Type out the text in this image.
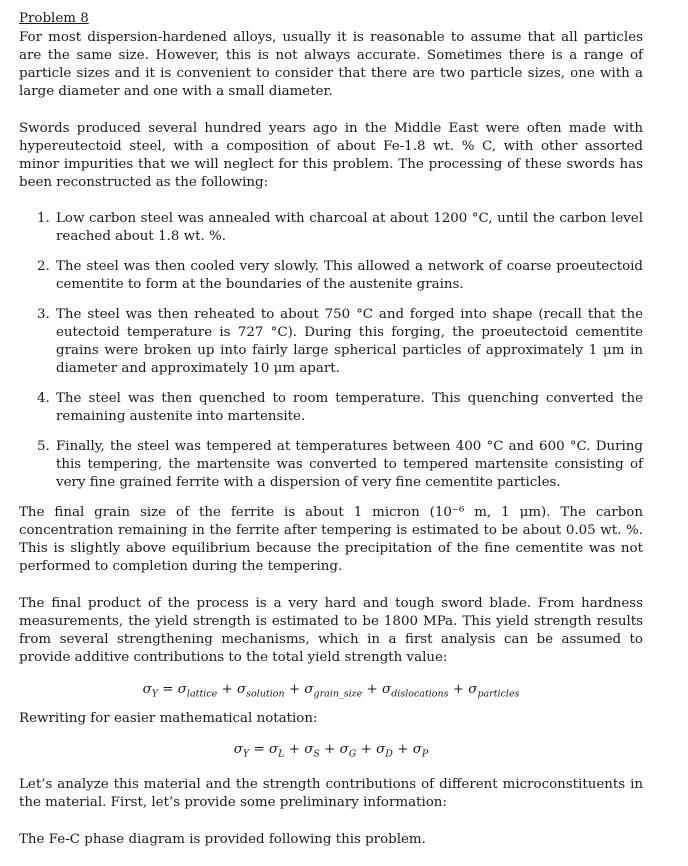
Problem 8

For most dispersion-hardened alloys, usually it is reasonable to assume that all particles are the same size. However, this is not always accurate. Sometimes there is a range of particle sizes and it is convenient to consider that there are two particle sizes, one with a large diameter and one with a small diameter.

Swords produced several hundred years ago in the Middle East were often made with hypereutectoid steel, with a composition of about Fe-1.8 wt. % C, with other assorted minor impurities that we will neglect for this problem. The processing of these swords has been reconstructed as the following:

1. Low carbon steel was annealed with charcoal at about 1200 °C, until the carbon level reached about 1.8 wt. %.
2. The steel was then cooled very slowly. This allowed a network of coarse proeutectoid cementite to form at the boundaries of the austenite grains.
3. The steel was then reheated to about 750 °C and forged into shape (recall that the eutectoid temperature is 727 °C). During this forging, the proeutectoid cementite grains were broken up into fairly large spherical particles of approximately 1 μm in diameter and approximately 10 μm apart.
4. The steel was then quenched to room temperature. This quenching converted the remaining austenite into martensite.
5. Finally, the steel was tempered at temperatures between 400 °C and 600 °C. During this tempering, the martensite was converted to tempered martensite consisting of very fine grained ferrite with a dispersion of very fine cementite particles.

The final grain size of the ferrite is about 1 micron (10⁻⁶ m, 1 μm). The carbon concentration remaining in the ferrite after tempering is estimated to be about 0.05 wt. %. This is slightly above equilibrium because the precipitation of the fine cementite was not performed to completion during the tempering.

The final product of the process is a very hard and tough sword blade. From hardness measurements, the yield strength is estimated to be 1800 MPa. This yield strength results from several strengthening mechanisms, which in a first analysis can be assumed to provide additive contributions to the total yield strength value:

$\sigma_Y = \sigma_{lattice} + \sigma_{solution} + \sigma_{grain\_size} + \sigma_{dislocations} + \sigma_{particles}$

Rewriting for easier mathematical notation:

$\sigma_Y = \sigma_L + \sigma_S + \sigma_G + \sigma_D + \sigma_P$

Let’s analyze this material and the strength contributions of different microconstituents in the material. First, let’s provide some preliminary information:

The Fe-C phase diagram is provided following this problem.
